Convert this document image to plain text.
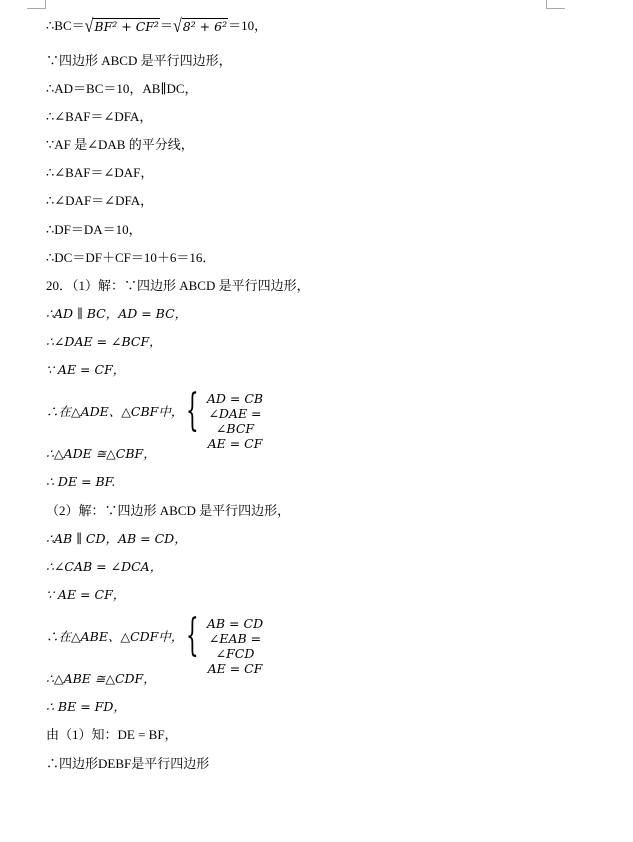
∴BC＝√BF² + CF²＝√8² + 6²＝10，
∵四边形 ABCD 是平行四边形，
∴AD＝BC＝10，AB∥DC，
∴∠BAF＝∠DFA，
∵AF 是∠DAB 的平分线，
∴∠BAF＝∠DAF，
∴∠DAF＝∠DFA，
∴DF＝DA＝10，
∴DC＝DF＋CF＝10＋6＝16．
20．（1）解：∵四边形 ABCD 是平行四边形，
∴AD ∥ BC，AD = BC，
∴∠DAE = ∠BCF，
∵ AE = CF，
∴在△ADE、△CBF中， { AD = CB
∠DAE = ∠BCF
AE = CF
∴△ADE ≅△CBF，
∴ DE = BF.
（2）解：∵四边形 ABCD 是平行四边形，
∴AB ∥ CD，AB = CD，
∴∠CAB = ∠DCA，
∵ AE = CF，
∴在△ABE、△CDF中， { AB = CD
∠EAB = ∠FCD
AE = CF
∴△ABE ≅△CDF，
∴ BE = FD，
由（1）知：DE = BF，
∴四边形DEBF是平行四边形
